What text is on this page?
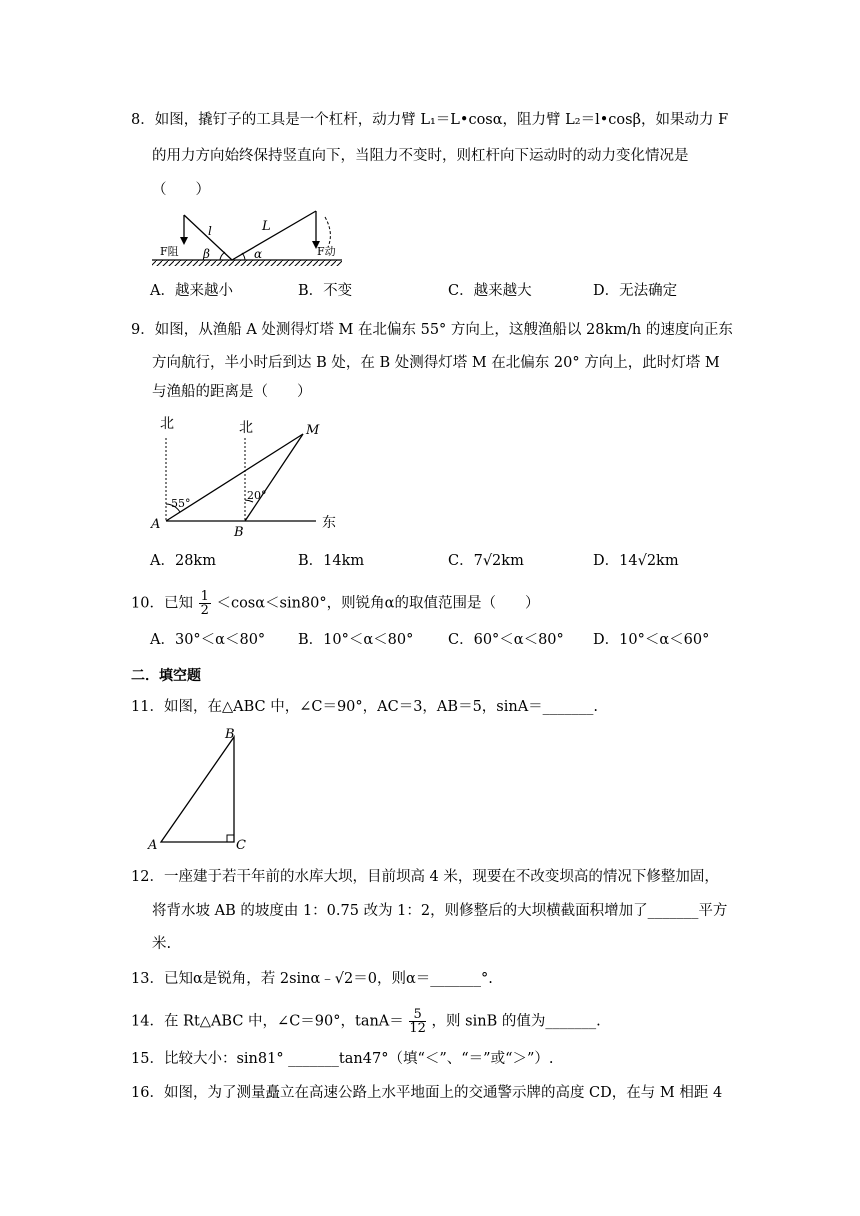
8．如图，撬钉子的工具是一个杠杆，动力臂 L₁＝L•cosα，阻力臂 L₂＝l•cosβ，如果动力 F
的用力方向始终保持竖直向下，当阻力不变时，则杠杆向下运动时的动力变化情况是
（　　）
l	L
β	α
F阻	F动
A．越来越小	B．不变	C．越来越大	D．无法确定
9．如图，从渔船 A 处测得灯塔 M 在北偏东 55° 方向上，这艘渔船以 28km/h 的速度向正东
方向航行，半小时后到达 B 处，在 B 处测得灯塔 M 在北偏东 20° 方向上，此时灯塔 M
与渔船的距离是（　　）
北	北
东
55°
20°
A
B
M
A．28km	B．14km	C．7√2km	D．14√2km
10．已知 $\frac{1}{2} <\cos\alpha<\sin 80^\circ$，则锐角α的取值范围是（　　）
A．30°＜α＜80° B．10°＜α＜80° C．60°＜α＜80° D．10°＜α＜60°
二．填空题
11．如图，在△ABC 中，∠C＝90°，AC＝3，AB＝5，sinA＝_______.
A
B
C
12．一座建于若干年前的水库大坝，目前坝高 4 米，现要在不改变坝高的情况下修整加固，
将背水坡 AB 的坡度由 1：0.75 改为 1：2，则修整后的大坝横截面积增加了_______平方
米.
13．已知α是锐角，若 2sinα﹣√2＝0，则α＝_______°.
14．在 Rt△ABC 中，∠C＝90°，$\tan A= \frac{5}{12}$ ，则 sinB 的值为_______.
15．比较大小：sin81° _______tan47°（填“＜”、“＝”或“＞”）.
16．如图，为了测量矗立在高速公路上水平地面上的交通警示牌的高度 CD，在与 M 相距 4
